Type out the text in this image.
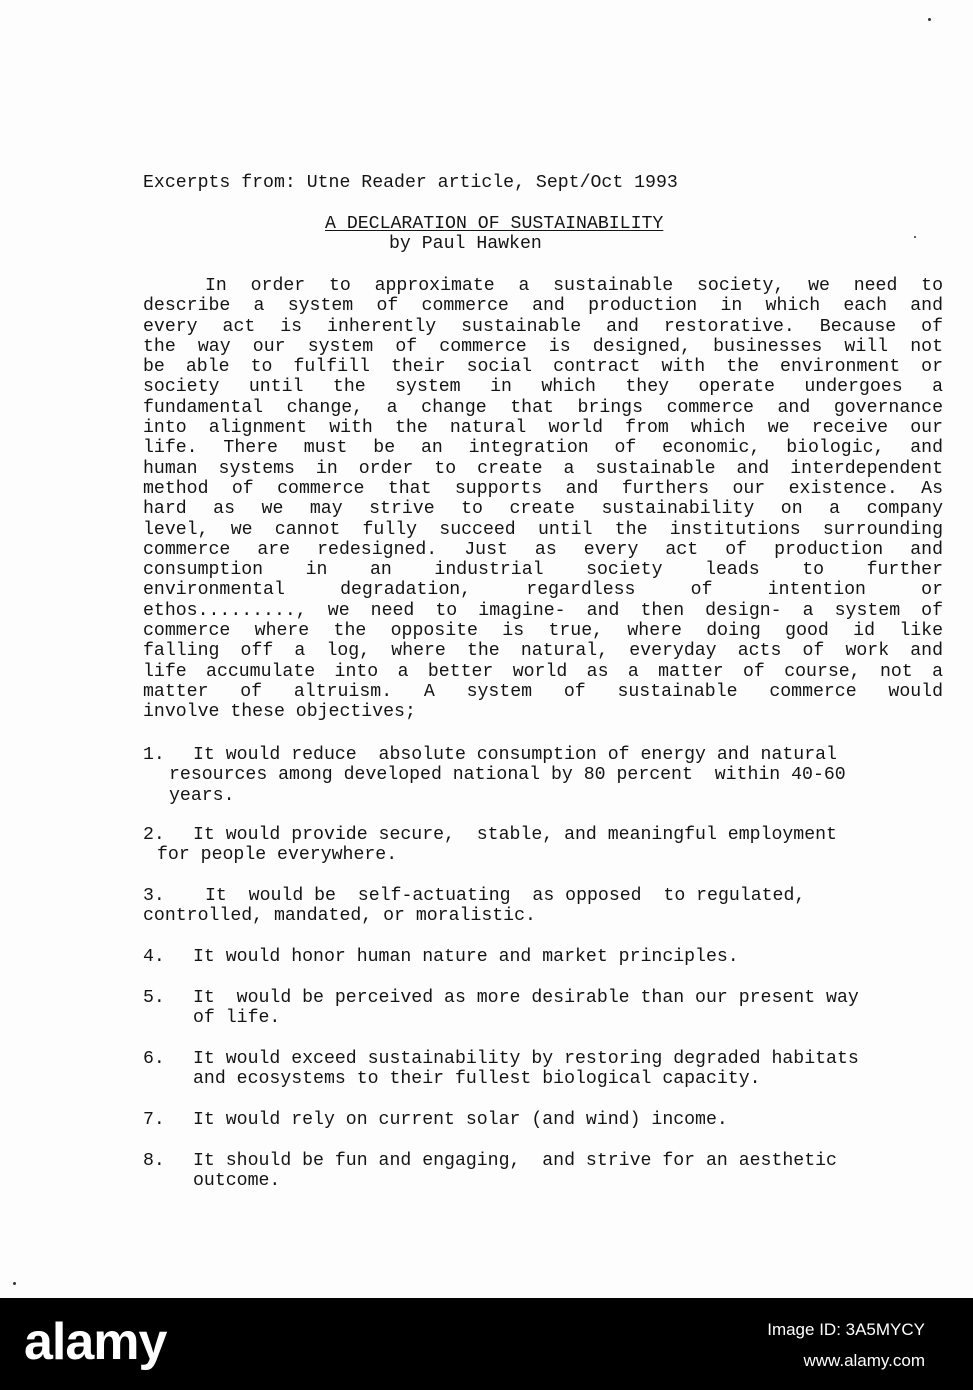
Excerpts from: Utne Reader article, Sept/Oct 1993
A DECLARATION OF SUSTAINABILITY
by Paul Hawken
In order to approximate a sustainable society, we need to
describe a system of commerce and production in which each and
every act is inherently sustainable and restorative. Because of
the way our system of commerce is designed, businesses will not
be able to fulfill their social contract with the environment or
society until the system in which they operate undergoes a
fundamental change, a change that brings commerce and governance
into alignment with the natural world from which we receive our
life. There must be an integration of economic, biologic, and
human systems in order to create a sustainable and interdependent
method of commerce that supports and furthers our existence. As
hard as we may strive to create sustainability on a company
level, we cannot fully succeed until the institutions surrounding
commerce are redesigned. Just as every act of production and
consumption in an industrial society leads to further
environmental degradation, regardless of intention or
ethos........., we need to imagine- and then design- a system of
commerce where the opposite is true, where doing good id like
falling off a log, where the natural, everyday acts of work and
life accumulate into a better world as a matter of course, not a
matter of altruism. A system of sustainable commerce would
involve these objectives;
1. It would reduce  absolute consumption of energy and natural
resources among developed national by 80 percent  within 40-60
years.
2. It would provide secure,  stable, and meaningful employment
for people everywhere.
3. It  would be  self-actuating  as opposed  to regulated,
controlled, mandated, or moralistic.
4. It would honor human nature and market principles.
5. It  would be perceived as more desirable than our present way
of life.
6. It would exceed sustainability by restoring degraded habitats
and ecosystems to their fullest biological capacity.
7. It would rely on current solar (and wind) income.
8. It should be fun and engaging,  and strive for an aesthetic
outcome.
alamy	Image ID: 3A5MYCY
www.alamy.com
